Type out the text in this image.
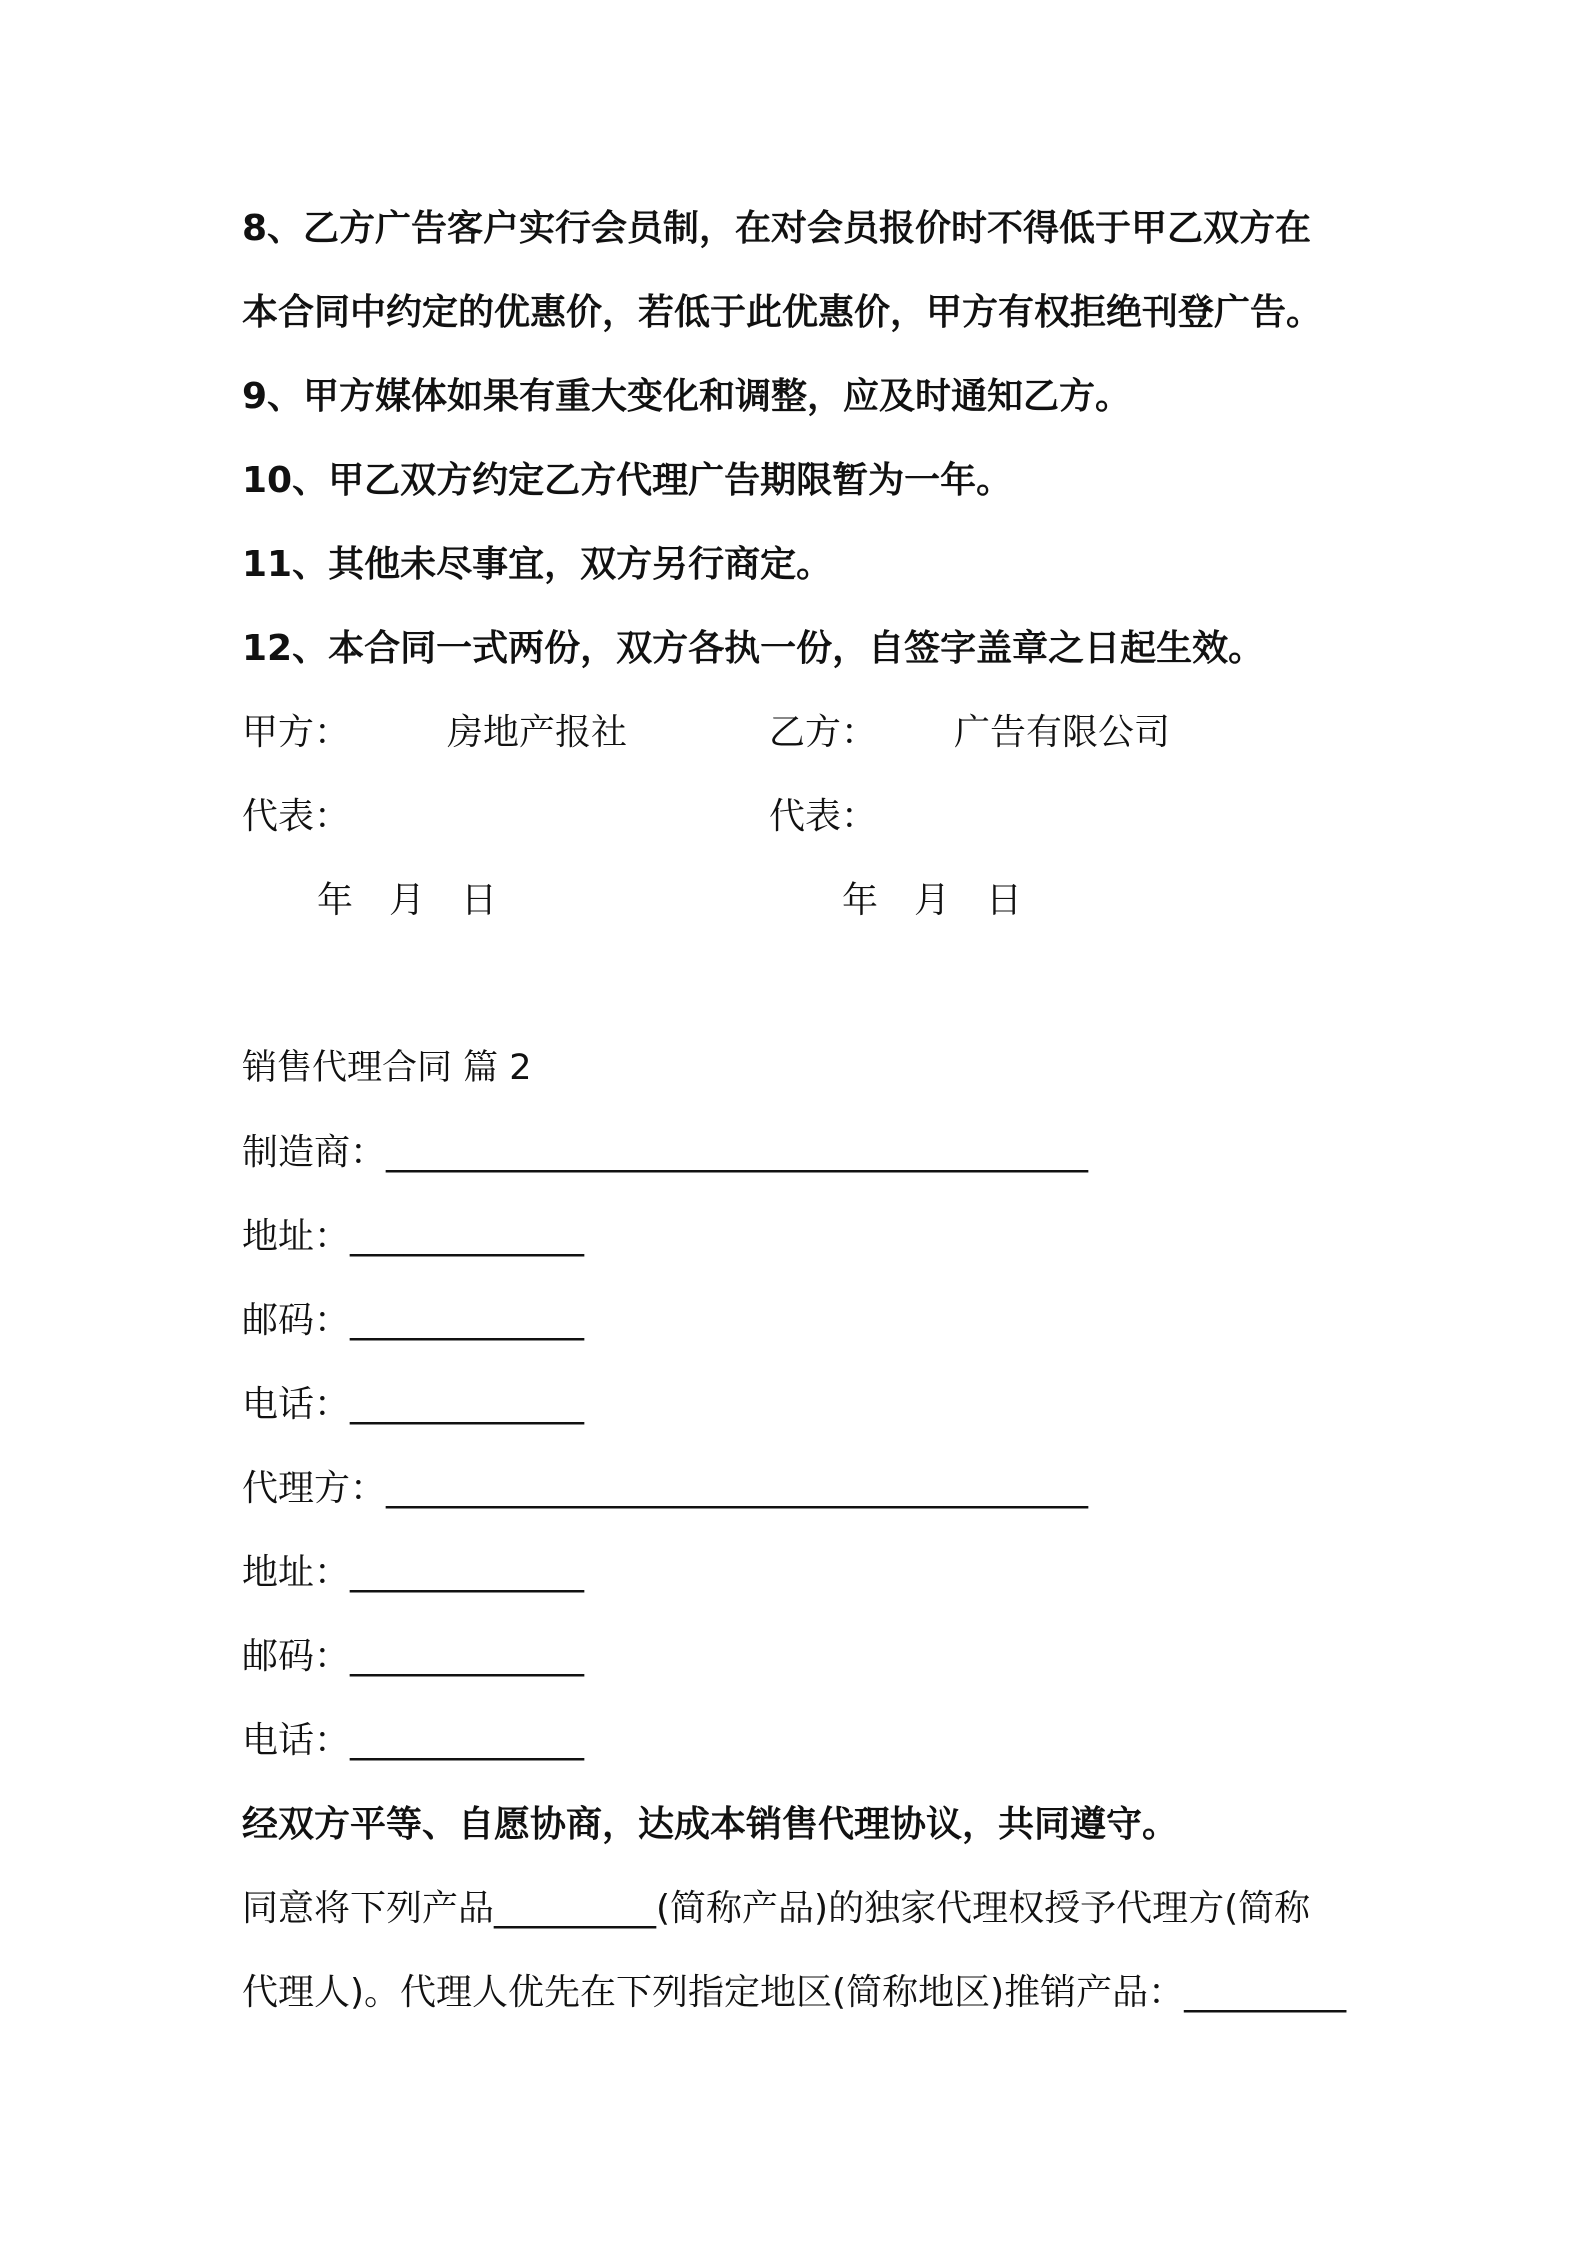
8、乙方广告客户实行会员制，在对会员报价时不得低于甲乙双方在
本合同中约定的优惠价，若低于此优惠价，甲方有权拒绝刊登广告。
9、甲方媒体如果有重大变化和调整，应及时通知乙方。
10、甲乙双方约定乙方代理广告期限暂为一年。
11、其他未尽事宜，双方另行商定。
12、本合同一式两份，双方各执一份，自签字盖章之日起生效。
甲方：	房地产报社	乙方： 广告有限公司
代表：	代表：
年　月　日	年　月　日
销售代理合同 篇 2
制造商：_______________________________________
地址：_____________
邮码：_____________
电话：_____________
代理方：_______________________________________
地址：_____________
邮码：_____________
电话：_____________
经双方平等、自愿协商，达成本销售代理协议，共同遵守。
同意将下列产品_________(简称产品)的独家代理权授予代理方(简称
代理人)。代理人优先在下列指定地区(简称地区)推销产品：_________
